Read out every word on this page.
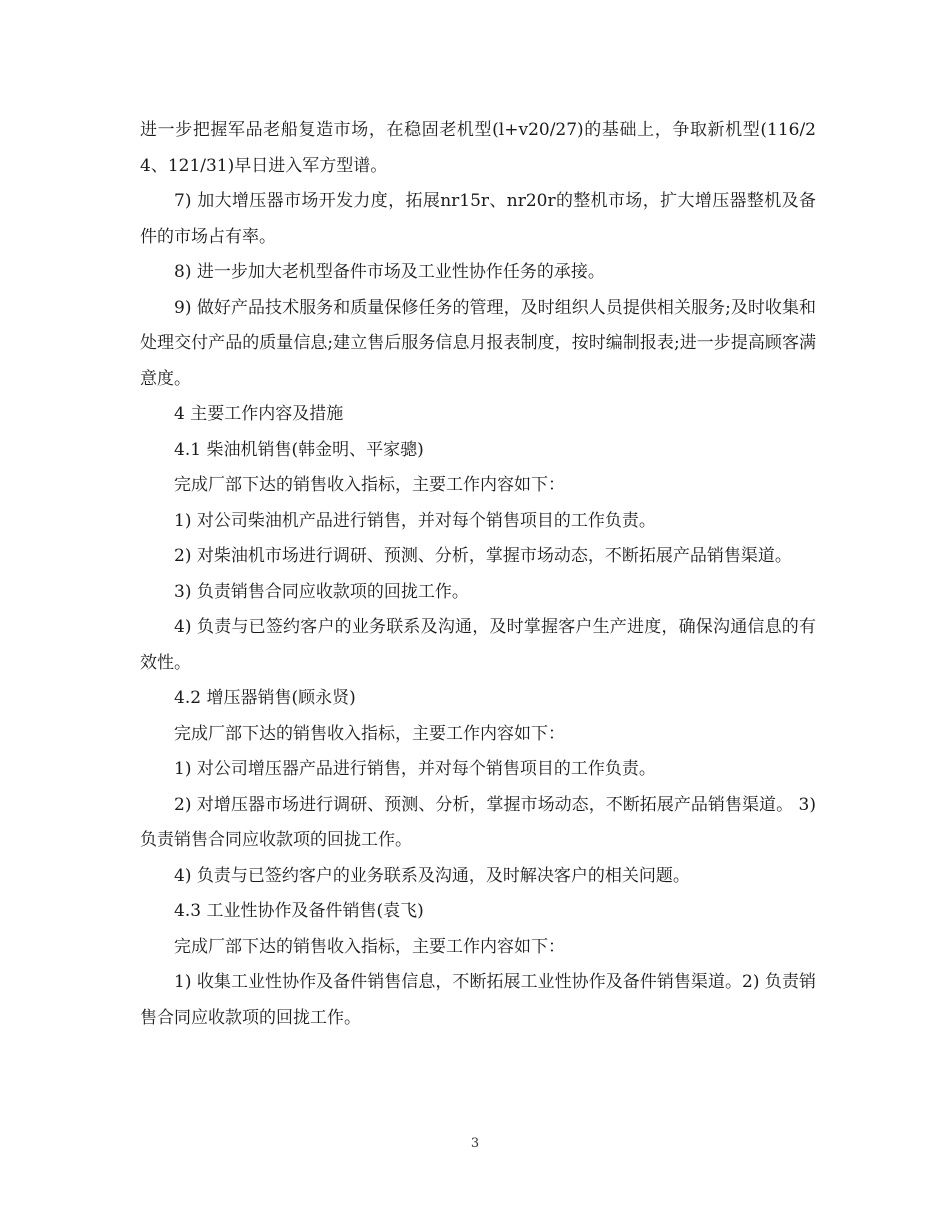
进一步把握军品老船复造市场，在稳固老机型(l+v20/27)的基础上，争取新机型(116/24、121/31)早日进入军方型谱。

7) 加大增压器市场开发力度，拓展nr15r、nr20r的整机市场，扩大增压器整机及备件的市场占有率。

8) 进一步加大老机型备件市场及工业性协作任务的承接。

9) 做好产品技术服务和质量保修任务的管理，及时组织人员提供相关服务;及时收集和处理交付产品的质量信息;建立售后服务信息月报表制度，按时编制报表;进一步提高顾客满意度。

4 主要工作内容及措施

4.1 柴油机销售(韩金明、平家骢)

完成厂部下达的销售收入指标，主要工作内容如下：

1) 对公司柴油机产品进行销售，并对每个销售项目的工作负责。

2) 对柴油机市场进行调研、预测、分析，掌握市场动态，不断拓展产品销售渠道。

3) 负责销售合同应收款项的回拢工作。

4) 负责与已签约客户的业务联系及沟通，及时掌握客户生产进度，确保沟通信息的有效性。

4.2 增压器销售(顾永贤)

完成厂部下达的销售收入指标，主要工作内容如下：

1) 对公司增压器产品进行销售，并对每个销售项目的工作负责。

2) 对增压器市场进行调研、预测、分析，掌握市场动态，不断拓展产品销售渠道。 3) 负责销售合同应收款项的回拢工作。

4) 负责与已签约客户的业务联系及沟通，及时解决客户的相关问题。

4.3 工业性协作及备件销售(袁飞)

完成厂部下达的销售收入指标，主要工作内容如下：

1) 收集工业性协作及备件销售信息，不断拓展工业性协作及备件销售渠道。2) 负责销售合同应收款项的回拢工作。

3
